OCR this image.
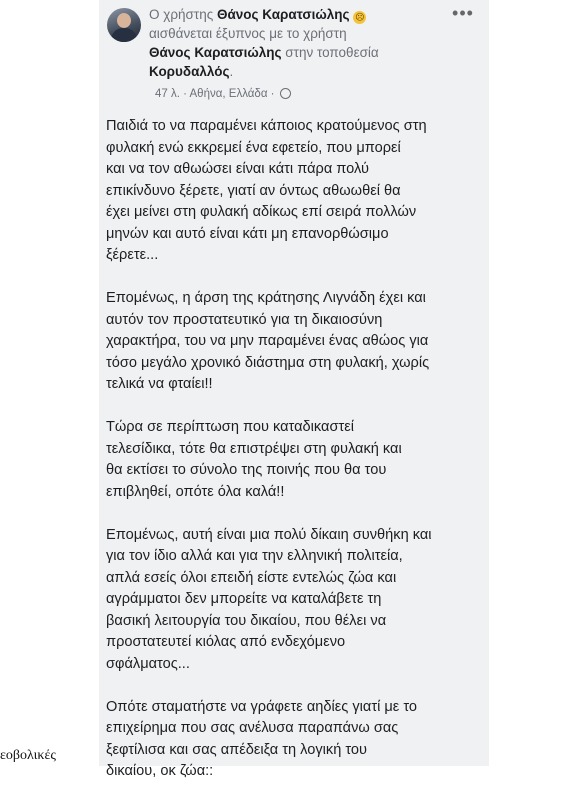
Ο χρήστης Θάνος Καρατσιώλης ☹
αισθάνεται έξυπνος με το χρήστη
Θάνος Καρατσιώλης στην τοποθεσία
Κορυδαλλός.
47 λ. · Αθήνα, Ελλάδα ·
•••

Παιδιά το να παραμένει κάποιος κρατούμενος στη
φυλακή ενώ εκκρεμεί ένα εφετείο, που μπορεί
και να τον αθωώσει είναι κάτι πάρα πολύ
επικίνδυνο ξέρετε, γιατί αν όντως αθωωθεί θα
έχει μείνει στη φυλακή αδίκως επί σειρά πολλών
μηνών και αυτό είναι κάτι μη επανορθώσιμο
ξέρετε...

Επομένως, η άρση της κράτησης Λιγνάδη έχει και
αυτόν τον προστατευτικό για τη δικαιοσύνη
χαρακτήρα, του να μην παραμένει ένας αθώος για
τόσο μεγάλο χρονικό διάστημα στη φυλακή, χωρίς
τελικά να φταίει!!

Τώρα σε περίπτωση που καταδικαστεί
τελεσίδικα, τότε θα επιστρέψει στη φυλακή και
θα εκτίσει το σύνολο της ποινής που θα του
επιβληθεί, οπότε όλα καλά!!

Επομένως, αυτή είναι μια πολύ δίκαιη συνθήκη και
για τον ίδιο αλλά και για την ελληνική πολιτεία,
απλά εσείς όλοι επειδή είστε εντελώς ζώα και
αγράμματοι δεν μπορείτε να καταλάβετε τη
βασική λειτουργία του δικαίου, που θέλει να
προστατευτεί κιόλας από ενδεχόμενο
σφάλματος...

Οπότε σταματήστε να γράφετε αηδίες γιατί με το
επιχείρημα που σας ανέλυσα παραπάνω σας
ξεφτίλισα και σας απέδειξα τη λογική του
δικαίου, οκ ζώα::

εοβολικές
